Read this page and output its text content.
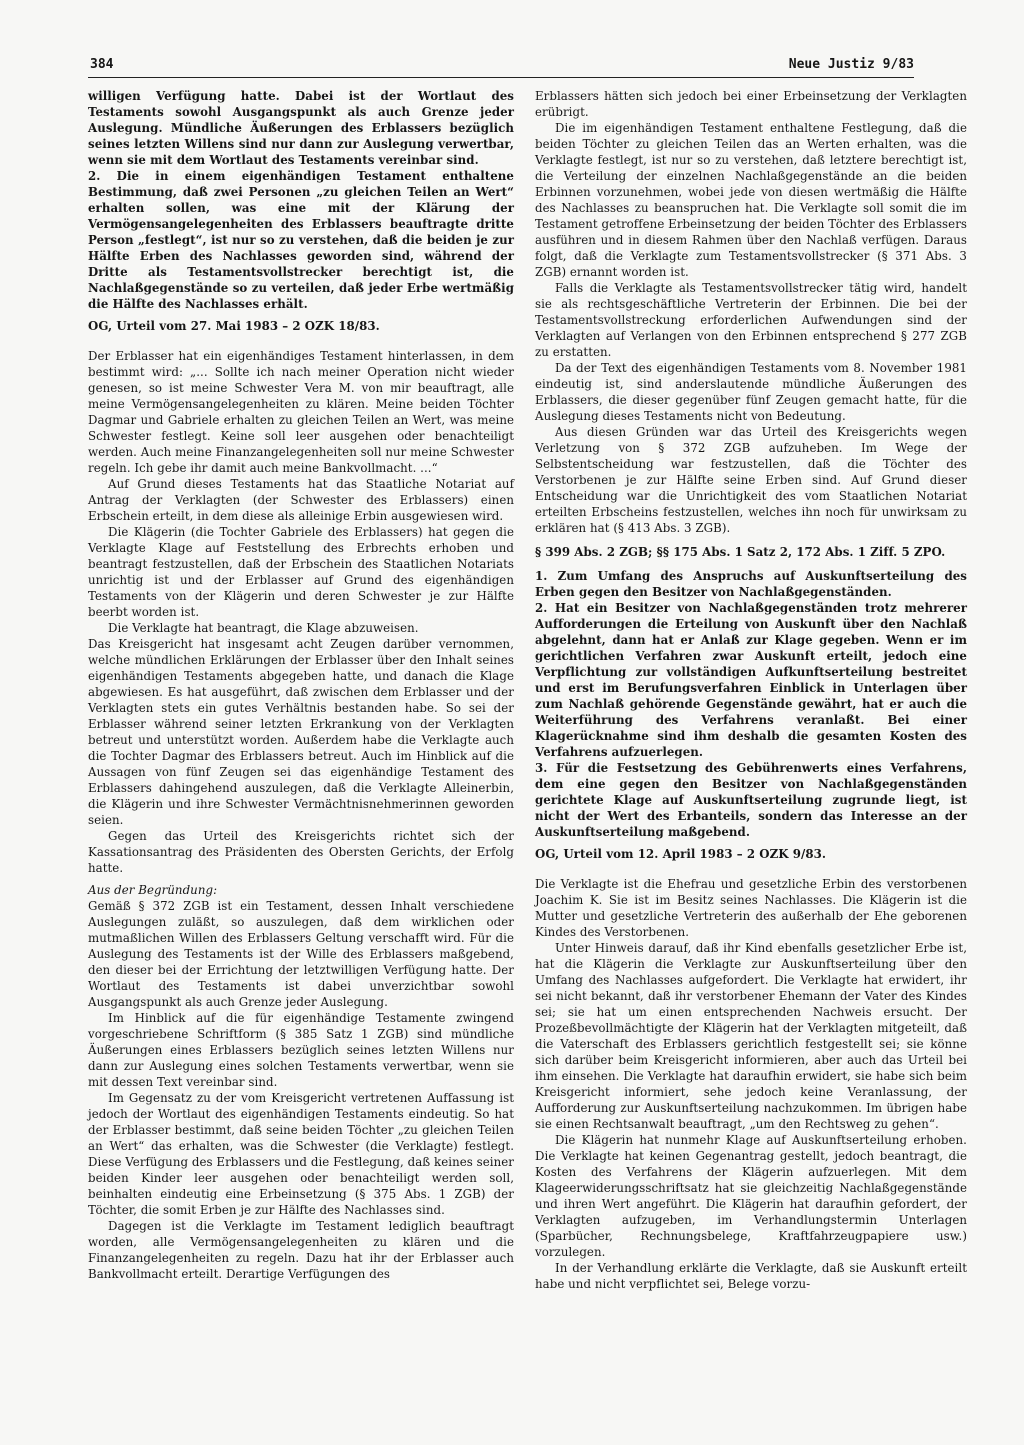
384	Neue Justiz 9/83

willigen Verfügung hatte. Dabei ist der Wortlaut des Testaments sowohl Ausgangspunkt als auch Grenze jeder Auslegung. Mündliche Äußerungen des Erblassers bezüglich seines letzten Willens sind nur dann zur Auslegung verwertbar, wenn sie mit dem Wortlaut des Testaments vereinbar sind.

2. Die in einem eigenhändigen Testament enthaltene Bestimmung, daß zwei Personen „zu gleichen Teilen an Wert“ erhalten sollen, was eine mit der Klärung der Vermögensangelegenheiten des Erblassers beauftragte dritte Person „festlegt“, ist nur so zu verstehen, daß die beiden je zur Hälfte Erben des Nachlasses geworden sind, während der Dritte als Testamentsvollstrecker berechtigt ist, die Nachlaßgegenstände so zu verteilen, daß jeder Erbe wertmäßig die Hälfte des Nachlasses erhält.

OG, Urteil vom 27. Mai 1983 – 2 OZK 18/83.

Der Erblasser hat ein eigenhändiges Testament hinterlassen, in dem bestimmt wird: „... Sollte ich nach meiner Operation nicht wieder genesen, so ist meine Schwester Vera M. von mir beauftragt, alle meine Vermögensangelegenheiten zu klären. Meine beiden Töchter Dagmar und Gabriele erhalten zu gleichen Teilen an Wert, was meine Schwester festlegt. Keine soll leer ausgehen oder benachteiligt werden. Auch meine Finanzangelegenheiten soll nur meine Schwester regeln. Ich gebe ihr damit auch meine Bankvollmacht. ...“

Auf Grund dieses Testaments hat das Staatliche Notariat auf Antrag der Verklagten (der Schwester des Erblassers) einen Erbschein erteilt, in dem diese als alleinige Erbin ausgewiesen wird.

Die Klägerin (die Tochter Gabriele des Erblassers) hat gegen die Verklagte Klage auf Feststellung des Erbrechts erhoben und beantragt festzustellen, daß der Erbschein des Staatlichen Notariats unrichtig ist und der Erblasser auf Grund des eigenhändigen Testaments von der Klägerin und deren Schwester je zur Hälfte beerbt worden ist.

Die Verklagte hat beantragt, die Klage abzuweisen.

Das Kreisgericht hat insgesamt acht Zeugen darüber vernommen, welche mündlichen Erklärungen der Erblasser über den Inhalt seines eigenhändigen Testaments abgegeben hatte, und danach die Klage abgewiesen. Es hat ausgeführt, daß zwischen dem Erblasser und der Verklagten stets ein gutes Verhältnis bestanden habe. So sei der Erblasser während seiner letzten Erkrankung von der Verklagten betreut und unterstützt worden. Außerdem habe die Verklagte auch die Tochter Dagmar des Erblassers betreut. Auch im Hinblick auf die Aussagen von fünf Zeugen sei das eigenhändige Testament des Erblassers dahingehend auszulegen, daß die Verklagte Alleinerbin, die Klägerin und ihre Schwester Vermächtnisnehmerinnen geworden seien.

Gegen das Urteil des Kreisgerichts richtet sich der Kassationsantrag des Präsidenten des Obersten Gerichts, der Erfolg hatte.

Aus der Begründung:

Gemäß § 372 ZGB ist ein Testament, dessen Inhalt verschiedene Auslegungen zuläßt, so auszulegen, daß dem wirklichen oder mutmaßlichen Willen des Erblassers Geltung verschafft wird. Für die Auslegung des Testaments ist der Wille des Erblassers maßgebend, den dieser bei der Errichtung der letztwilligen Verfügung hatte. Der Wortlaut des Testaments ist dabei unverzichtbar sowohl Ausgangspunkt als auch Grenze jeder Auslegung.

Im Hinblick auf die für eigenhändige Testamente zwingend vorgeschriebene Schriftform (§ 385 Satz 1 ZGB) sind mündliche Äußerungen eines Erblassers bezüglich seines letzten Willens nur dann zur Auslegung eines solchen Testaments verwertbar, wenn sie mit dessen Text vereinbar sind.

Im Gegensatz zu der vom Kreisgericht vertretenen Auffassung ist jedoch der Wortlaut des eigenhändigen Testaments eindeutig. So hat der Erblasser bestimmt, daß seine beiden Töchter „zu gleichen Teilen an Wert“ das erhalten, was die Schwester (die Verklagte) festlegt. Diese Verfügung des Erblassers und die Festlegung, daß keines seiner beiden Kinder leer ausgehen oder benachteiligt werden soll, beinhalten eindeutig eine Erbeinsetzung (§ 375 Abs. 1 ZGB) der Töchter, die somit Erben je zur Hälfte des Nachlasses sind.

Dagegen ist die Verklagte im Testament lediglich beauftragt worden, alle Vermögensangelegenheiten zu klären und die Finanzangelegenheiten zu regeln. Dazu hat ihr der Erblasser auch Bankvollmacht erteilt. Derartige Verfügungen des

Erblassers hätten sich jedoch bei einer Erbeinsetzung der Verklagten erübrigt.

Die im eigenhändigen Testament enthaltene Festlegung, daß die beiden Töchter zu gleichen Teilen das an Werten erhalten, was die Verklagte festlegt, ist nur so zu verstehen, daß letztere berechtigt ist, die Verteilung der einzelnen Nachlaßgegenstände an die beiden Erbinnen vorzunehmen, wobei jede von diesen wertmäßig die Hälfte des Nachlasses zu beanspruchen hat. Die Verklagte soll somit die im Testament getroffene Erbeinsetzung der beiden Töchter des Erblassers ausführen und in diesem Rahmen über den Nachlaß verfügen. Daraus folgt, daß die Verklagte zum Testamentsvollstrecker (§ 371 Abs. 3 ZGB) ernannt worden ist.

Falls die Verklagte als Testamentsvollstrecker tätig wird, handelt sie als rechtsgeschäftliche Vertreterin der Erbinnen. Die bei der Testamentsvollstreckung erforderlichen Aufwendungen sind der Verklagten auf Verlangen von den Erbinnen entsprechend § 277 ZGB zu erstatten.

Da der Text des eigenhändigen Testaments vom 8. November 1981 eindeutig ist, sind anderslautende mündliche Äußerungen des Erblassers, die dieser gegenüber fünf Zeugen gemacht hatte, für die Auslegung dieses Testaments nicht von Bedeutung.

Aus diesen Gründen war das Urteil des Kreisgerichts wegen Verletzung von § 372 ZGB aufzuheben. Im Wege der Selbstentscheidung war festzustellen, daß die Töchter des Verstorbenen je zur Hälfte seine Erben sind. Auf Grund dieser Entscheidung war die Unrichtigkeit des vom Staatlichen Notariat erteilten Erbscheins festzustellen, welches ihn noch für unwirksam zu erklären hat (§ 413 Abs. 3 ZGB).

§ 399 Abs. 2 ZGB; §§ 175 Abs. 1 Satz 2, 172 Abs. 1 Ziff. 5 ZPO.

1. Zum Umfang des Anspruchs auf Auskunftserteilung des Erben gegen den Besitzer von Nachlaßgegenständen.

2. Hat ein Besitzer von Nachlaßgegenständen trotz mehrerer Aufforderungen die Erteilung von Auskunft über den Nachlaß abgelehnt, dann hat er Anlaß zur Klage gegeben. Wenn er im gerichtlichen Verfahren zwar Auskunft erteilt, jedoch eine Verpflichtung zur vollständigen Aufkunftserteilung bestreitet und erst im Berufungsverfahren Einblick in Unterlagen über zum Nachlaß gehörende Gegenstände gewährt, hat er auch die Weiterführung des Verfahrens veranlaßt. Bei einer Klagerücknahme sind ihm deshalb die gesamten Kosten des Verfahrens aufzuerlegen.

3. Für die Festsetzung des Gebührenwerts eines Verfahrens, dem eine gegen den Besitzer von Nachlaßgegenständen gerichtete Klage auf Auskunftserteilung zugrunde liegt, ist nicht der Wert des Erbanteils, sondern das Interesse an der Auskunftserteilung maßgebend.

OG, Urteil vom 12. April 1983 – 2 OZK 9/83.

Die Verklagte ist die Ehefrau und gesetzliche Erbin des verstorbenen Joachim K. Sie ist im Besitz seines Nachlasses. Die Klägerin ist die Mutter und gesetzliche Vertreterin des außerhalb der Ehe geborenen Kindes des Verstorbenen.

Unter Hinweis darauf, daß ihr Kind ebenfalls gesetzlicher Erbe ist, hat die Klägerin die Verklagte zur Auskunftserteilung über den Umfang des Nachlasses aufgefordert. Die Verklagte hat erwidert, ihr sei nicht bekannt, daß ihr verstorbener Ehemann der Vater des Kindes sei; sie hat um einen entsprechenden Nachweis ersucht. Der Prozeßbevollmächtigte der Klägerin hat der Verklagten mitgeteilt, daß die Vaterschaft des Erblassers gerichtlich festgestellt sei; sie könne sich darüber beim Kreisgericht informieren, aber auch das Urteil bei ihm einsehen. Die Verklagte hat daraufhin erwidert, sie habe sich beim Kreisgericht informiert, sehe jedoch keine Veranlassung, der Aufforderung zur Auskunftserteilung nachzukommen. Im übrigen habe sie einen Rechtsanwalt beauftragt, „um den Rechtsweg zu gehen“.

Die Klägerin hat nunmehr Klage auf Auskunftserteilung erhoben. Die Verklagte hat keinen Gegenantrag gestellt, jedoch beantragt, die Kosten des Verfahrens der Klägerin aufzuerlegen. Mit dem Klageerwiderungsschriftsatz hat sie gleichzeitig Nachlaßgegenstände und ihren Wert angeführt. Die Klägerin hat daraufhin gefordert, der Verklagten aufzugeben, im Verhandlungstermin Unterlagen (Sparbücher, Rechnungsbelege, Kraftfahrzeugpapiere usw.) vorzulegen.

In der Verhandlung erklärte die Verklagte, daß sie Auskunft erteilt habe und nicht verpflichtet sei, Belege vorzu-
